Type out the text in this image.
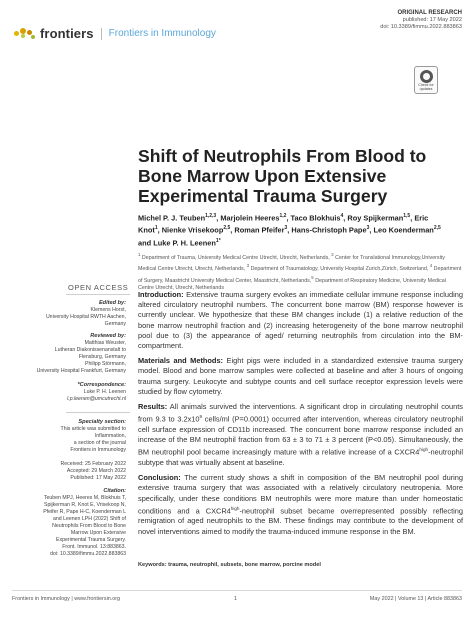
frontiers Frontiers in Immunology
ORIGINAL RESEARCH
published: 17 May 2022
doi: 10.3389/fimmu.2022.883863
Check for updates
Shift of Neutrophils From Blood to Bone Marrow Upon Extensive Experimental Trauma Surgery
Michel P. J. Teuben$^{1,2,3}$, Marjolein Heeres$^{1,2}$, Taco Blokhuis$^4$, Roy Spijkerman$^{1,5}$, Eric Knot$^1$, Nienke Vrisekoop$^{2,5}$, Roman Pfeifer$^3$, Hans-Christoph Pape$^3$, Leo Koenderman$^{2,5}$ and Luke P. H. Leenen$^{1*}$
$^1$ Department of Trauma, University Medical Centre Utrecht, Utrecht, Netherlands, $^2$ Center for Translational Immunology,University Medical Centre Utrecht, Utrecht, Netherlands, $^3$ Department of Traumatology, University Hospital Zurich,Zürich, Switzerland, $^4$ Department of Surgery, Maastricht University Medical Center, Maastricht, Netherlands,$^5$ Department of Respiratory Medicine, University Medical Centre Utrecht, Utrecht, Netherlands
OPEN ACCESS
Edited by:
Klemens Horst,
University Hospital RWTH Aachen,
Germany
Reviewed by:
Matthias Weuster,
Lutheran Diakonissenanstalt to
Flensburg, Germany
Philipp Störmann,
University Hospital Frankfurt, Germany
*Correspondence:
Luke P. H. Leenen
l.p.leenen@umcutrecht.nl
Specialty section:
This article was submitted to
Inflammation,
a section of the journal
Frontiers in Immunology
Received: 25 February 2022
Accepted: 29 March 2022
Published: 17 May 2022
Citation:
Teuben MPJ, Heeres M, Blokhuis T,
Spijkerman R, Knot E, Vrisekoop N,
Pfeifer R, Pape H-C, Koenderman L
and Leenen LPH (2022) Shift of
Neutrophils From Blood to Bone
Marrow Upon Extensive
Experimental Trauma Surgery.
Front. Immunol. 13:883863.
doi: 10.3389/fimmu.2022.883863

Introduction: Extensive trauma surgery evokes an immediate cellular immune response including altered circulatory neutrophil numbers. The concurrent bone marrow (BM) response however is currently unclear. We hypothesize that these BM changes include (1) a relative reduction of the bone marrow neutrophil fraction and (2) increasing heterogeneity of the bone marrow neutrophil pool due to (3) the appearance of aged/ returning neutrophils from circulation into the BM-compartment.

Materials and Methods: Eight pigs were included in a standardized extensive trauma surgery model. Blood and bone marrow samples were collected at baseline and after 3 hours of ongoing trauma surgery. Leukocyte and subtype counts and cell surface receptor expression levels were studied by flow cytometry.

Results: All animals survived the interventions. A significant drop in circulating neutrophil counts from 9.3 to $3.2x10^9$ cells/ml (P=0.0001) occurred after intervention, whereas circulatory neutrophil cell surface expression of CD11b increased. The concurrent bone marrow response included an increase of the BM neutrophil fraction from 63 ± 3 to 71 ± 3 percent (P<0.05). Simultaneously, the BM neutrophil pool became increasingly mature with a relative increase of a $CXCR4^{high}$-neutrophil subtype that was virtually absent at baseline.

Conclusion: The current study shows a shift in composition of the BM neutrophil pool during extensive trauma surgery that was associated with a relatively circulatory neutropenia. More specifically, under these conditions BM neutrophils were more mature than under homeostatic conditions and a $CXCR4^{high}$-neutrophil subset became overrepresented possibly reflecting remigration of aged neutrophils to the BM. These findings may contribute to the development of novel interventions aimed to modify the trauma-induced immune response in the BM.

Keywords: trauma, neutrophil, subsets, bone marrow, porcine model
Frontiers in Immunology | www.frontiersin.org	1	May 2022 | Volume 13 | Article 883863
